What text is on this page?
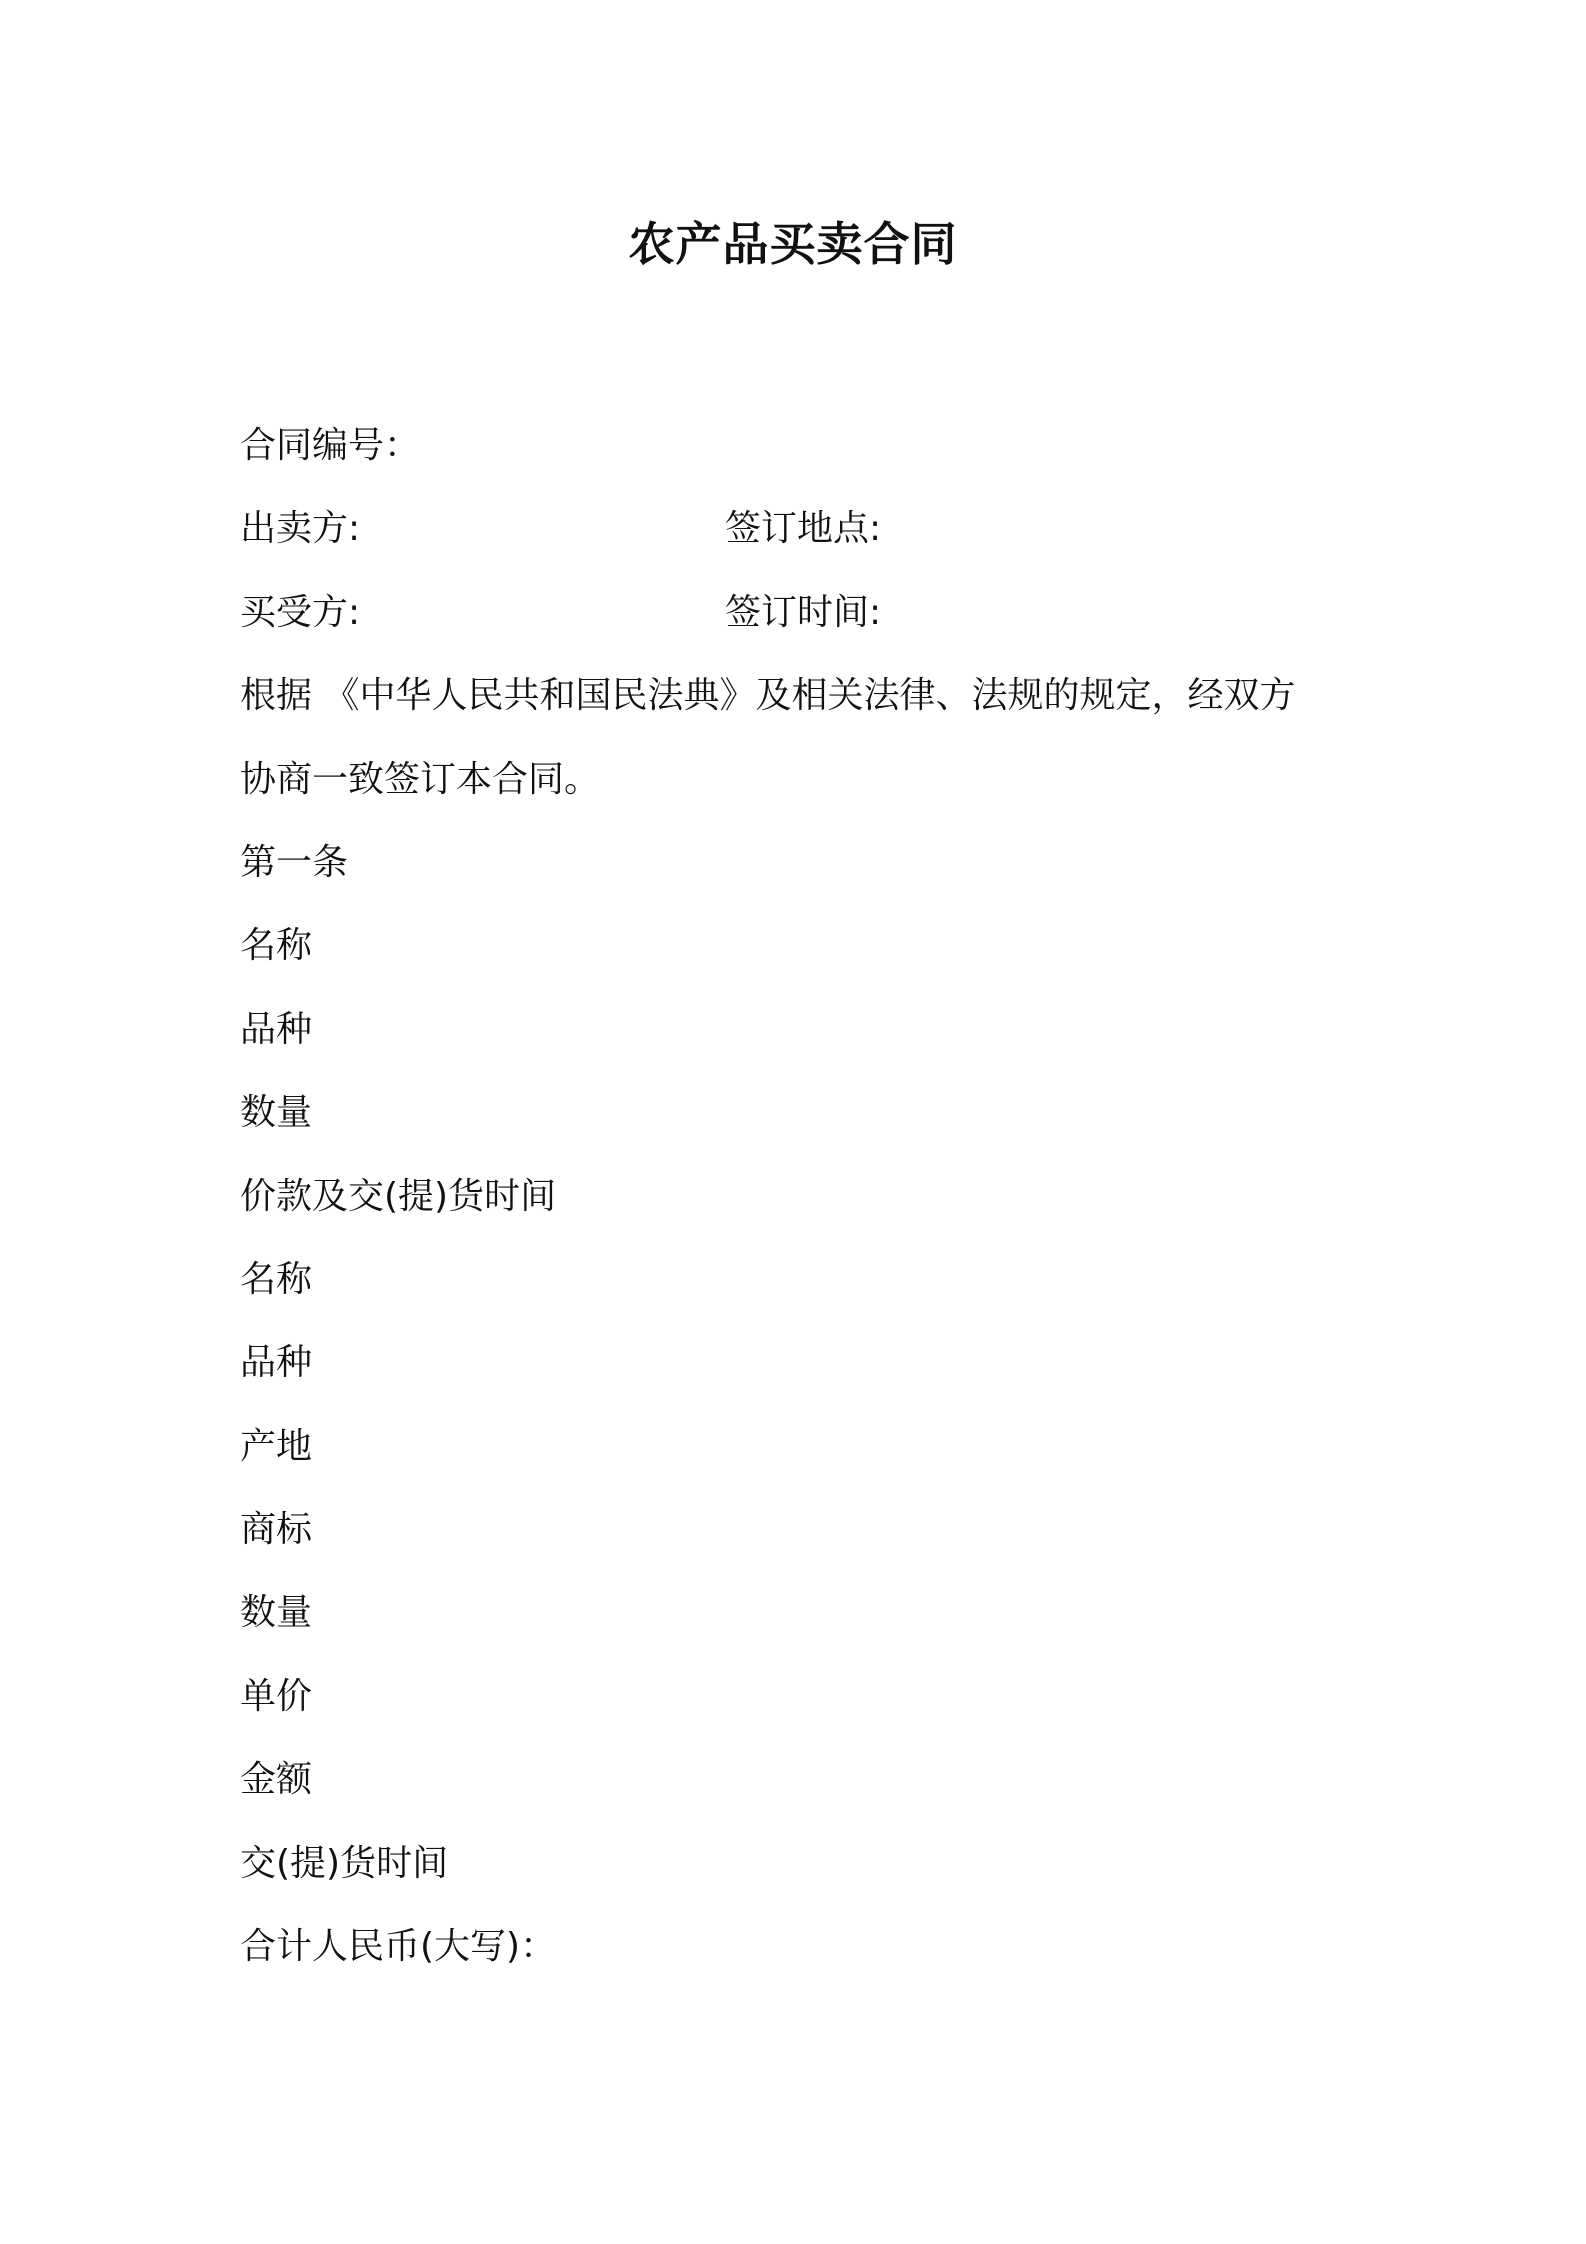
农产品买卖合同
合同编号：
出卖方:	签订地点:
买受方:	签订时间:
根据 《中华人民共和国民法典》及相关法律、法规的规定，经双方
协商一致签订本合同。
第一条
名称
品种
数量
价款及交(提)货时间
名称
品种
产地
商标
数量
单价
金额
交(提)货时间
合计人民币(大写)：
